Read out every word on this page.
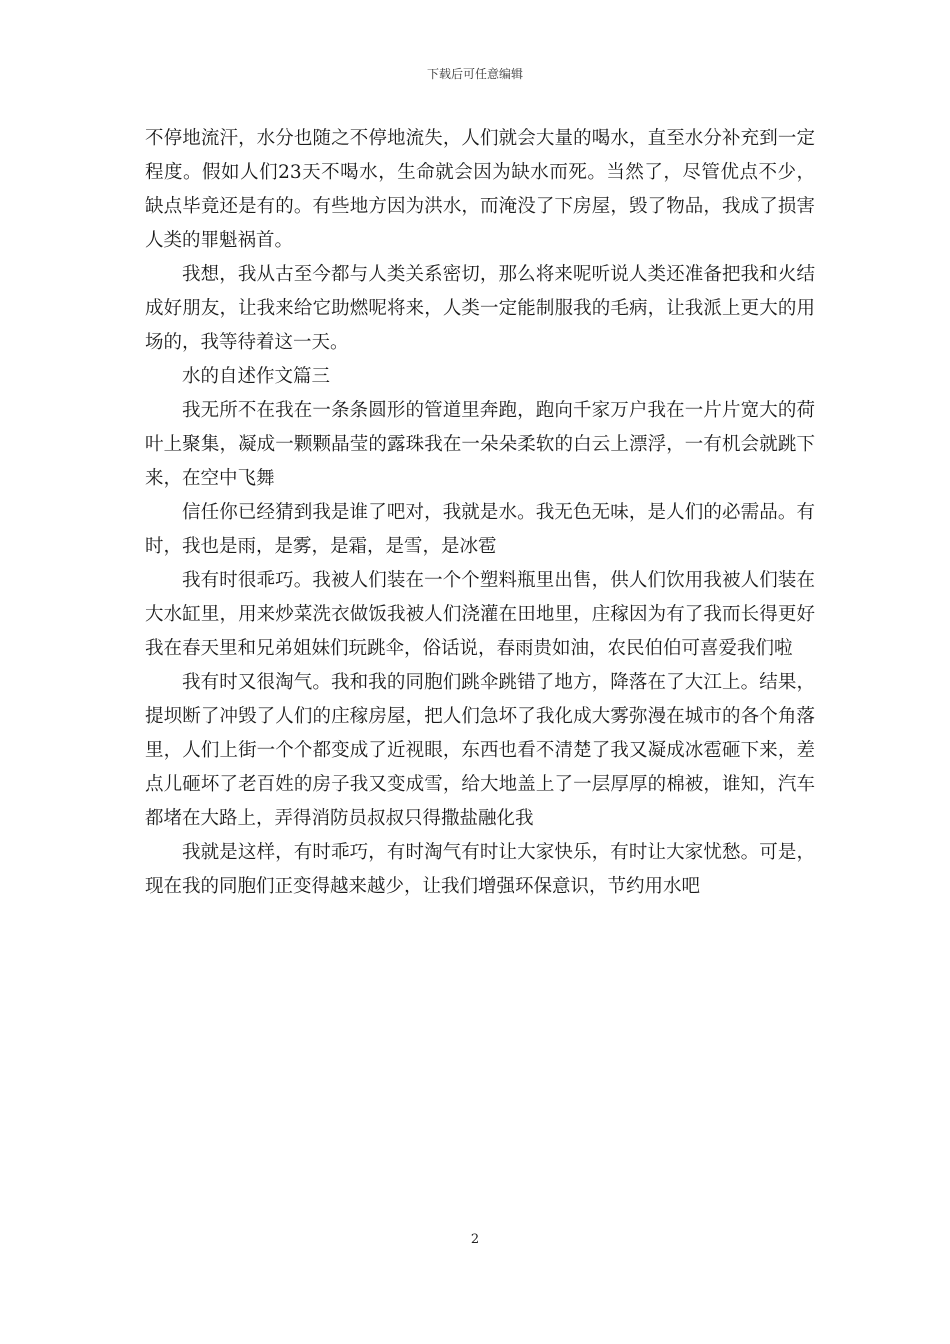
下载后可任意编辑

不停地流汗，水分也随之不停地流失，人们就会大量的喝水，直至水分补充到一定程度。假如人们23天不喝水，生命就会因为缺水而死。当然了，尽管优点不少，缺点毕竟还是有的。有些地方因为洪水，而淹没了下房屋，毁了物品，我成了损害人类的罪魁祸首。

我想，我从古至今都与人类关系密切，那么将来呢听说人类还准备把我和火结成好朋友，让我来给它助燃呢将来，人类一定能制服我的毛病，让我派上更大的用场的，我等待着这一天。

水的自述作文篇三

我无所不在我在一条条圆形的管道里奔跑，跑向千家万户我在一片片宽大的荷叶上聚集，凝成一颗颗晶莹的露珠我在一朵朵柔软的白云上漂浮，一有机会就跳下来，在空中飞舞

信任你已经猜到我是谁了吧对，我就是水。我无色无味，是人们的必需品。有时，我也是雨，是雾，是霜，是雪，是冰雹

我有时很乖巧。我被人们装在一个个塑料瓶里出售，供人们饮用我被人们装在大水缸里，用来炒菜洗衣做饭我被人们浇灌在田地里，庄稼因为有了我而长得更好我在春天里和兄弟姐妹们玩跳伞，俗话说，春雨贵如油，农民伯伯可喜爱我们啦

我有时又很淘气。我和我的同胞们跳伞跳错了地方，降落在了大江上。结果，提坝断了冲毁了人们的庄稼房屋，把人们急坏了我化成大雾弥漫在城市的各个角落里，人们上街一个个都变成了近视眼，东西也看不清楚了我又凝成冰雹砸下来，差点儿砸坏了老百姓的房子我又变成雪，给大地盖上了一层厚厚的棉被，谁知，汽车都堵在大路上，弄得消防员叔叔只得撒盐融化我

我就是这样，有时乖巧，有时淘气有时让大家快乐，有时让大家忧愁。可是，现在我的同胞们正变得越来越少，让我们增强环保意识，节约用水吧

2
